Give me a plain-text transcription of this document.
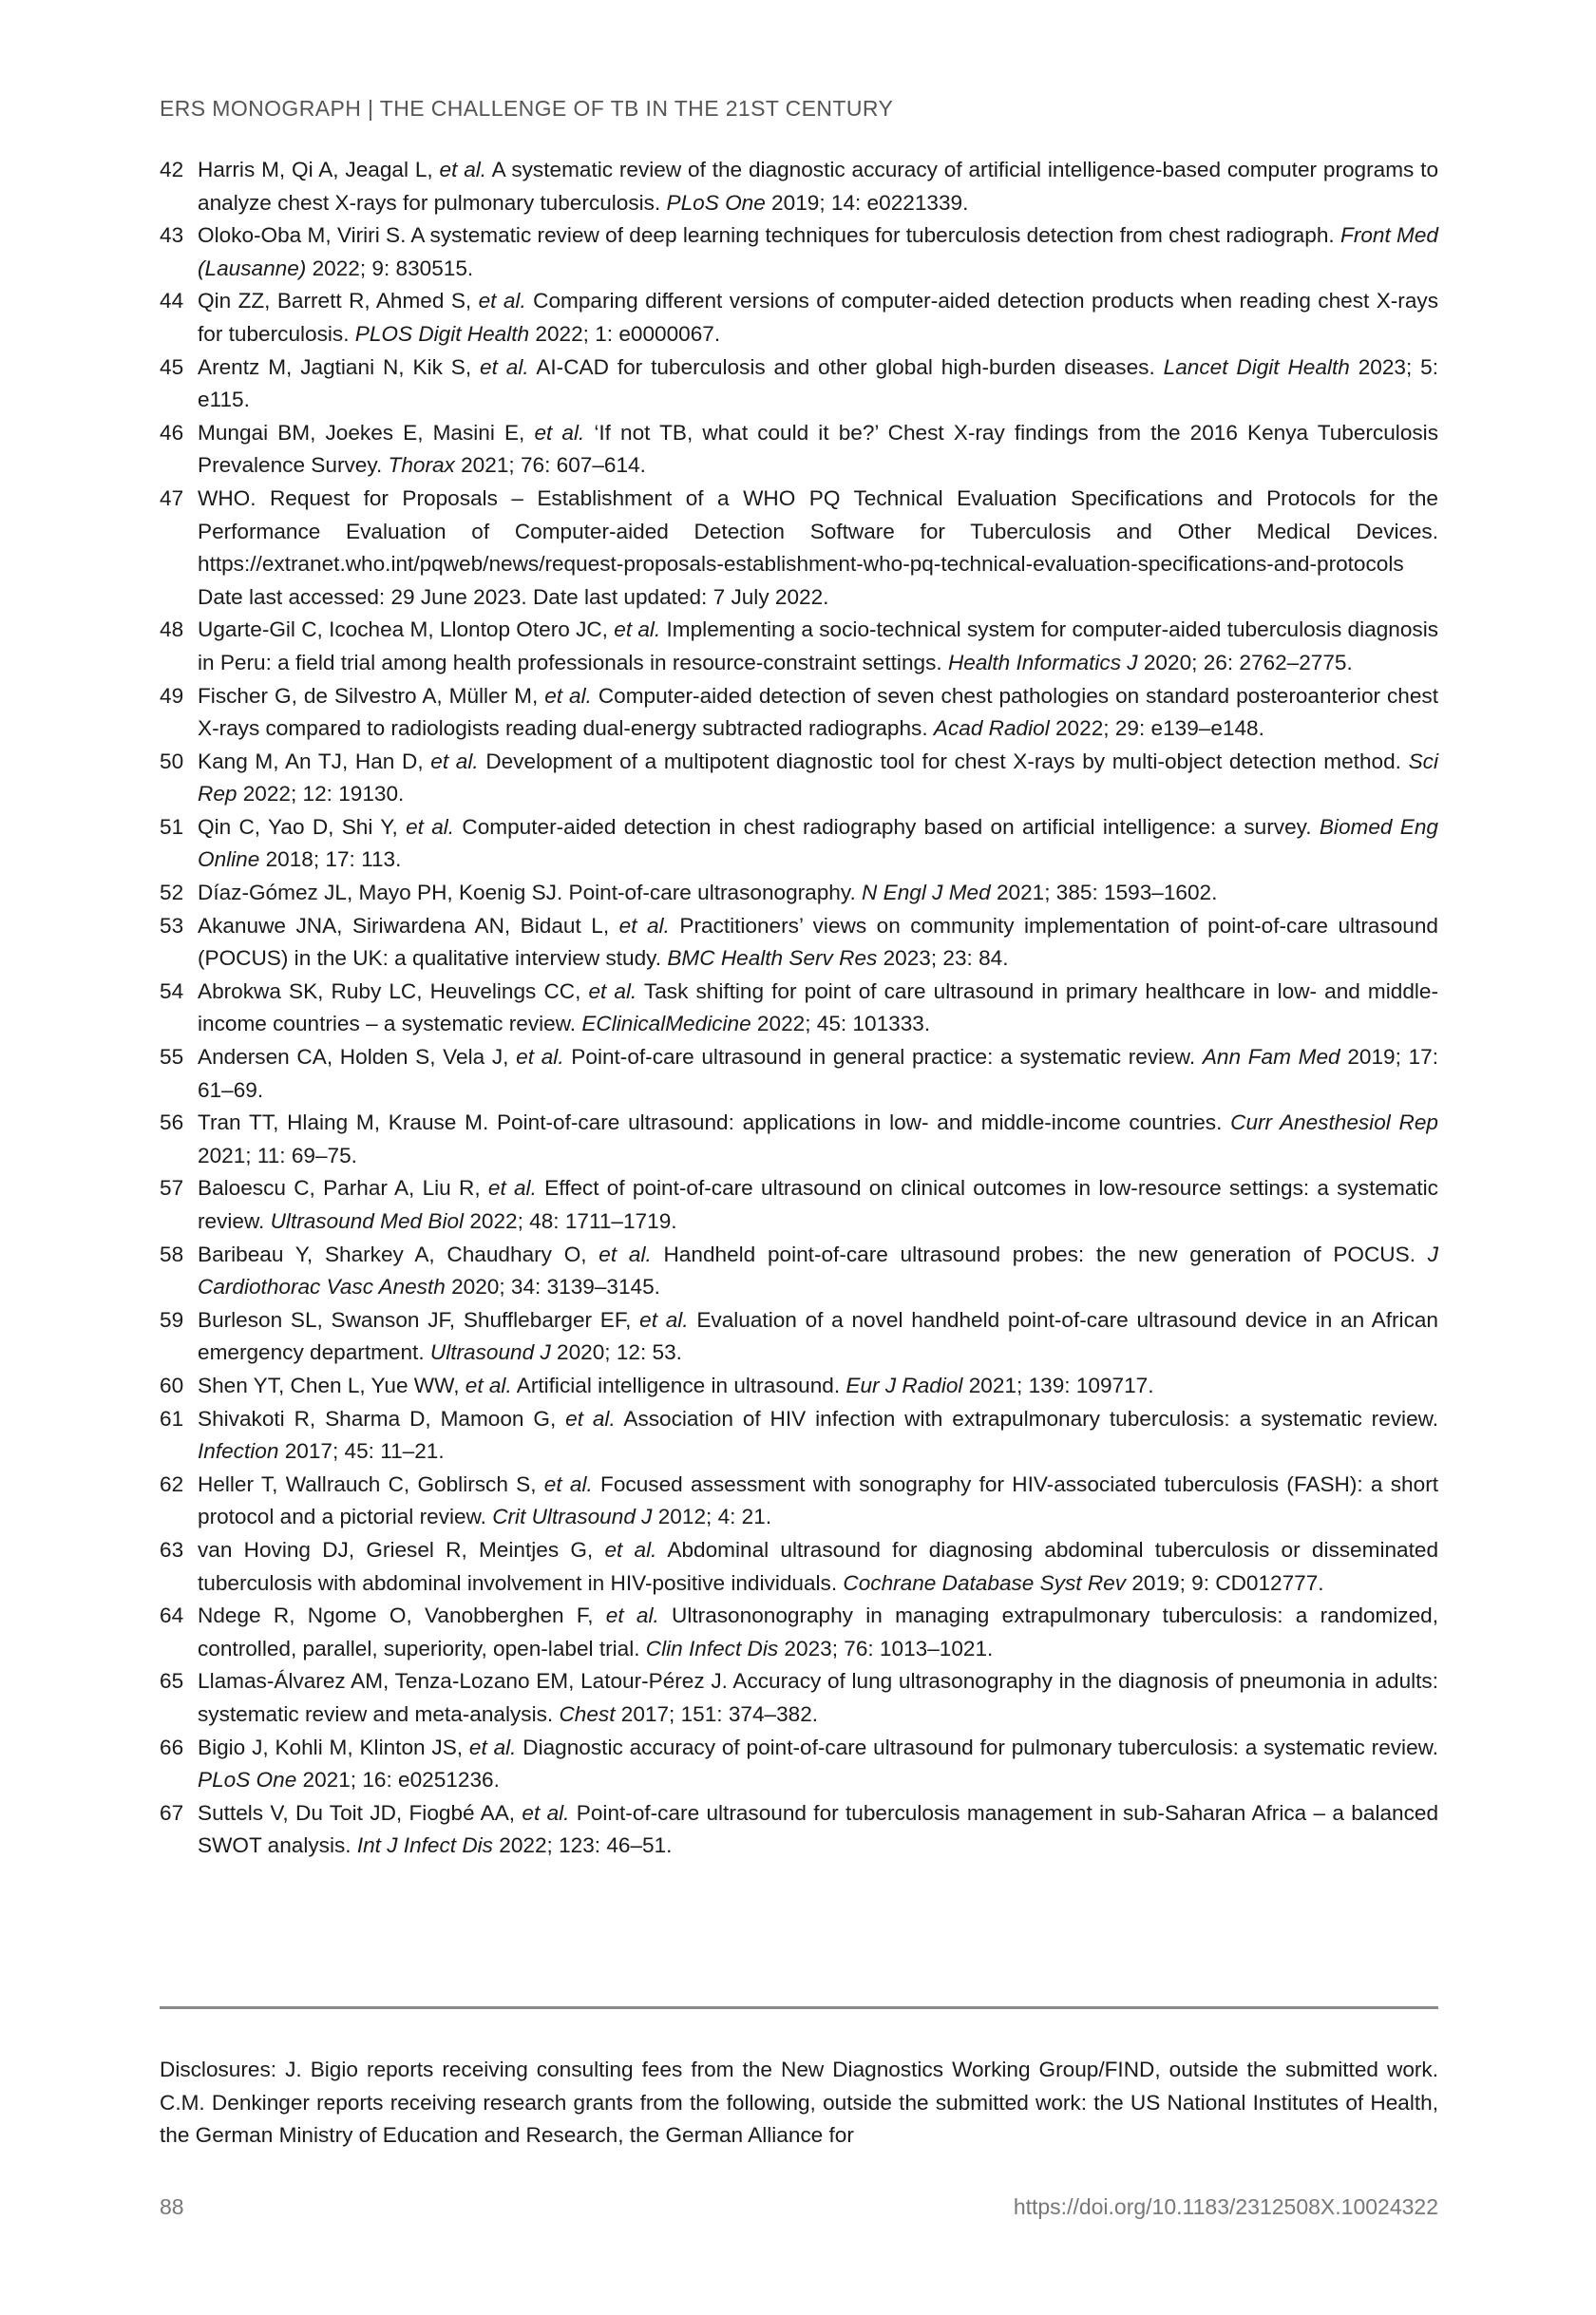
ERS MONOGRAPH | THE CHALLENGE OF TB IN THE 21ST CENTURY
42 Harris M, Qi A, Jeagal L, et al. A systematic review of the diagnostic accuracy of artificial intelligence-based computer programs to analyze chest X-rays for pulmonary tuberculosis. PLoS One 2019; 14: e0221339.
43 Oloko-Oba M, Viriri S. A systematic review of deep learning techniques for tuberculosis detection from chest radiograph. Front Med (Lausanne) 2022; 9: 830515.
44 Qin ZZ, Barrett R, Ahmed S, et al. Comparing different versions of computer-aided detection products when reading chest X-rays for tuberculosis. PLOS Digit Health 2022; 1: e0000067.
45 Arentz M, Jagtiani N, Kik S, et al. AI-CAD for tuberculosis and other global high-burden diseases. Lancet Digit Health 2023; 5: e115.
46 Mungai BM, Joekes E, Masini E, et al. ‘If not TB, what could it be?’ Chest X-ray findings from the 2016 Kenya Tuberculosis Prevalence Survey. Thorax 2021; 76: 607–614.
47 WHO. Request for Proposals – Establishment of a WHO PQ Technical Evaluation Specifications and Protocols for the Performance Evaluation of Computer-aided Detection Software for Tuberculosis and Other Medical Devices. https://extranet.who.int/pqweb/news/request-proposals-establishment-who-pq-technical-evaluation-specifications-and-protocols Date last accessed: 29 June 2023. Date last updated: 7 July 2022.
48 Ugarte-Gil C, Icochea M, Llontop Otero JC, et al. Implementing a socio-technical system for computer-aided tuberculosis diagnosis in Peru: a field trial among health professionals in resource-constraint settings. Health Informatics J 2020; 26: 2762–2775.
49 Fischer G, de Silvestro A, Müller M, et al. Computer-aided detection of seven chest pathologies on standard posteroanterior chest X-rays compared to radiologists reading dual-energy subtracted radiographs. Acad Radiol 2022; 29: e139–e148.
50 Kang M, An TJ, Han D, et al. Development of a multipotent diagnostic tool for chest X-rays by multi-object detection method. Sci Rep 2022; 12: 19130.
51 Qin C, Yao D, Shi Y, et al. Computer-aided detection in chest radiography based on artificial intelligence: a survey. Biomed Eng Online 2018; 17: 113.
52 Díaz-Gómez JL, Mayo PH, Koenig SJ. Point-of-care ultrasonography. N Engl J Med 2021; 385: 1593–1602.
53 Akanuwe JNA, Siriwardena AN, Bidaut L, et al. Practitioners’ views on community implementation of point-of-care ultrasound (POCUS) in the UK: a qualitative interview study. BMC Health Serv Res 2023; 23: 84.
54 Abrokwa SK, Ruby LC, Heuvelings CC, et al. Task shifting for point of care ultrasound in primary healthcare in low- and middle-income countries – a systematic review. EClinicalMedicine 2022; 45: 101333.
55 Andersen CA, Holden S, Vela J, et al. Point-of-care ultrasound in general practice: a systematic review. Ann Fam Med 2019; 17: 61–69.
56 Tran TT, Hlaing M, Krause M. Point-of-care ultrasound: applications in low- and middle-income countries. Curr Anesthesiol Rep 2021; 11: 69–75.
57 Baloescu C, Parhar A, Liu R, et al. Effect of point-of-care ultrasound on clinical outcomes in low-resource settings: a systematic review. Ultrasound Med Biol 2022; 48: 1711–1719.
58 Baribeau Y, Sharkey A, Chaudhary O, et al. Handheld point-of-care ultrasound probes: the new generation of POCUS. J Cardiothorac Vasc Anesth 2020; 34: 3139–3145.
59 Burleson SL, Swanson JF, Shufflebarger EF, et al. Evaluation of a novel handheld point-of-care ultrasound device in an African emergency department. Ultrasound J 2020; 12: 53.
60 Shen YT, Chen L, Yue WW, et al. Artificial intelligence in ultrasound. Eur J Radiol 2021; 139: 109717.
61 Shivakoti R, Sharma D, Mamoon G, et al. Association of HIV infection with extrapulmonary tuberculosis: a systematic review. Infection 2017; 45: 11–21.
62 Heller T, Wallrauch C, Goblirsch S, et al. Focused assessment with sonography for HIV-associated tuberculosis (FASH): a short protocol and a pictorial review. Crit Ultrasound J 2012; 4: 21.
63 van Hoving DJ, Griesel R, Meintjes G, et al. Abdominal ultrasound for diagnosing abdominal tuberculosis or disseminated tuberculosis with abdominal involvement in HIV-positive individuals. Cochrane Database Syst Rev 2019; 9: CD012777.
64 Ndege R, Ngome O, Vanobberghen F, et al. Ultrasononography in managing extrapulmonary tuberculosis: a randomized, controlled, parallel, superiority, open-label trial. Clin Infect Dis 2023; 76: 1013–1021.
65 Llamas-Álvarez AM, Tenza-Lozano EM, Latour-Pérez J. Accuracy of lung ultrasonography in the diagnosis of pneumonia in adults: systematic review and meta-analysis. Chest 2017; 151: 374–382.
66 Bigio J, Kohli M, Klinton JS, et al. Diagnostic accuracy of point-of-care ultrasound for pulmonary tuberculosis: a systematic review. PLoS One 2021; 16: e0251236.
67 Suttels V, Du Toit JD, Fiogbé AA, et al. Point-of-care ultrasound for tuberculosis management in sub-Saharan Africa – a balanced SWOT analysis. Int J Infect Dis 2022; 123: 46–51.

Disclosures: J. Bigio reports receiving consulting fees from the New Diagnostics Working Group/FIND, outside the submitted work. C.M. Denkinger reports receiving research grants from the following, outside the submitted work: the US National Institutes of Health, the German Ministry of Education and Research, the German Alliance for

88	https://doi.org/10.1183/2312508X.10024322
